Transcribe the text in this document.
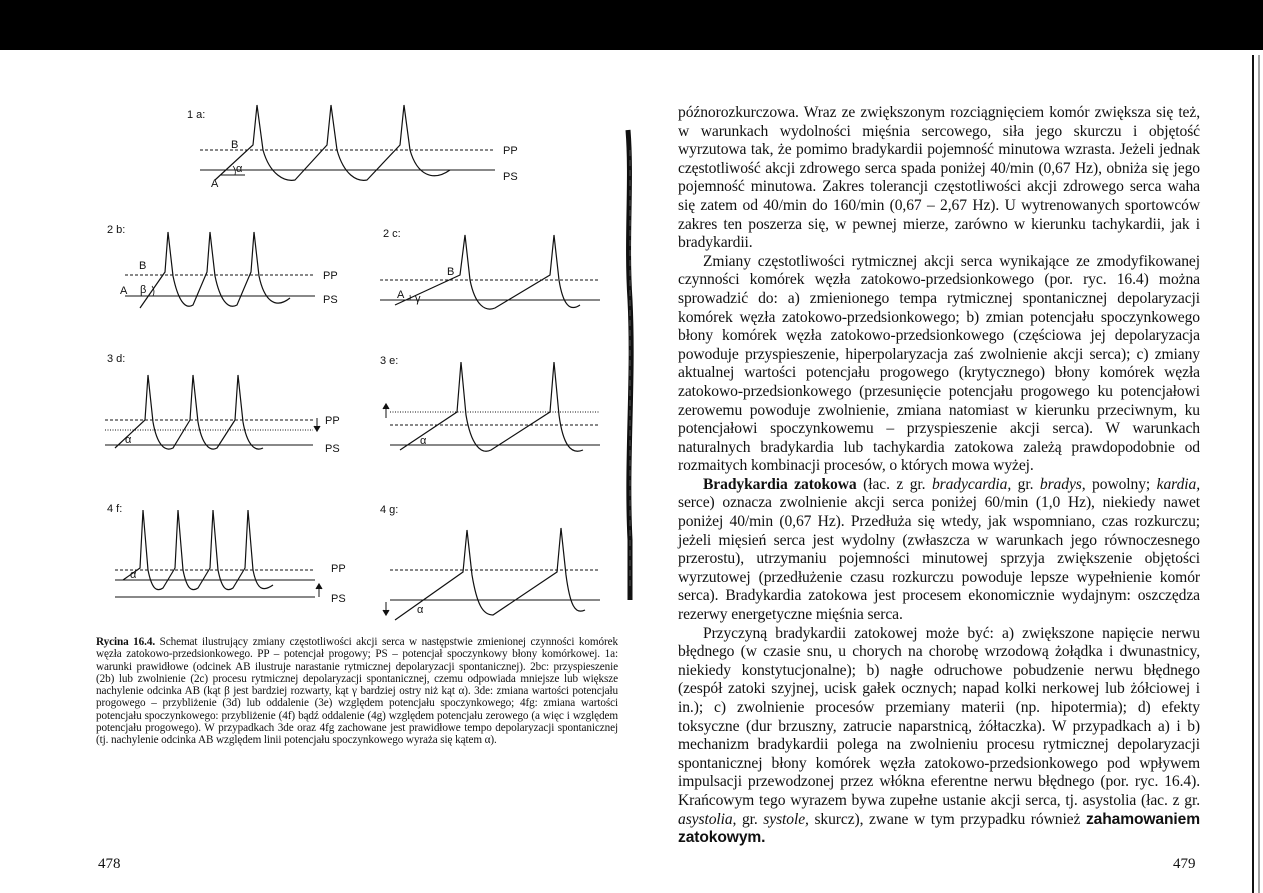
1 a:
2 b:	2 c:
3 d:	3 e:
4 f:	4 g:
PP
PS
PP
PS
PP
PS
PP
PS
A
B
α
A
B
β	A
B
γ
α	α
α
α
Rycina 16.4. Schemat ilustrujący zmiany częstotliwości akcji serca w następstwie zmienionej czynności komórek węzła zatokowo-przedsionkowego. PP – potencjał progowy; PS – potencjał spoczynkowy błony komórkowej. 1a: warunki prawidłowe (odcinek AB ilustruje narastanie rytmicznej depolaryzacji spontanicznej). 2bc: przyspieszenie (2b) lub zwolnienie (2c) procesu rytmicznej depolaryzacji spontanicznej, czemu odpowiada mniejsze lub większe nachylenie odcinka AB (kąt β jest bardziej rozwarty, kąt γ bardziej ostry niż kąt α). 3de: zmiana wartości potencjału progowego – przybliżenie (3d) lub oddalenie (3e) względem potencjału spoczynkowego; 4fg: zmiana wartości potencjału spoczynkowego: przybliżenie (4f) bądź oddalenie (4g) względem potencjału zerowego (a więc i względem potencjału progowego). W przypadkach 3de oraz 4fg zachowane jest prawidłowe tempo depolaryzacji spontanicznej (tj. nachylenie odcinka AB względem linii potencjału spoczynkowego wyraża się kątem α).
478	479

późnorozkurczowa. Wraz ze zwiększonym rozciągnięciem komór zwiększa się też, w warunkach wydolności mięśnia sercowego, siła jego skurczu i objętość wyrzutowa tak, że pomimo bradykardii pojemność minutowa wzrasta. Jeżeli jednak częstotliwość akcji zdrowego serca spada poniżej 40/min (0,67 Hz), obniża się jego pojemność minutowa. Zakres tolerancji częstotliwości akcji zdrowego serca waha się zatem od 40/min do 160/min (0,67 – 2,67 Hz). U wytrenowanych sportowców zakres ten poszerza się, w pewnej mierze, zarówno w kierunku tachykardii, jak i bradykardii.

Zmiany częstotliwości rytmicznej akcji serca wynikające ze zmodyfikowanej czynności komórek węzła zatokowo-przedsionkowego (por. ryc. 16.4) można sprowadzić do: a) zmienionego tempa rytmicznej spontanicznej depolaryzacji komórek węzła zatokowo-przedsionkowego; b) zmian potencjału spoczynkowego błony komórek węzła zatokowo-przedsionkowego (częściowa jej depolaryzacja powoduje przyspieszenie, hiperpolaryzacja zaś zwolnienie akcji serca); c) zmiany aktualnej wartości potencjału progowego (krytycznego) błony komórek węzła zatokowo-przedsionkowego (przesunięcie potencjału progowego ku potencjałowi zerowemu powoduje zwolnienie, zmiana natomiast w kierunku przeciwnym, ku potencjałowi spoczynkowemu – przyspieszenie akcji serca). W warunkach naturalnych bradykardia lub tachykardia zatokowa zależą prawdopodobnie od rozmaitych kombinacji procesów, o których mowa wyżej.

Bradykardia zatokowa (łac. z gr. bradycardia, gr. bradys, powolny; kardia, serce) oznacza zwolnienie akcji serca poniżej 60/min (1,0 Hz), niekiedy nawet poniżej 40/min (0,67 Hz). Przedłuża się wtedy, jak wspomniano, czas rozkurczu; jeżeli mięsień serca jest wydolny (zwłaszcza w warunkach jego równoczesnego przerostu), utrzymaniu pojemności minutowej sprzyja zwiększenie objętości wyrzutowej (przedłużenie czasu rozkurczu powoduje lepsze wypełnienie komór serca). Bradykardia zatokowa jest procesem ekonomicznie wydajnym: oszczędza rezerwy energetyczne mięśnia serca.

Przyczyną bradykardii zatokowej może być: a) zwiększone napięcie nerwu błędnego (w czasie snu, u chorych na chorobę wrzodową żołądka i dwunastnicy, niekiedy konstytucjonalne); b) nagłe odruchowe pobudzenie nerwu błędnego (zespół zatoki szyjnej, ucisk gałek ocznych; napad kolki nerkowej lub żółciowej i in.); c) zwolnienie procesów przemiany materii (np. hipotermia); d) efekty toksyczne (dur brzuszny, zatrucie naparstnicą, żółtaczka). W przypadkach a) i b) mechanizm bradykardii polega na zwolnieniu procesu rytmicznej depolaryzacji spontanicznej błony komórek węzła zatokowo-przedsionkowego pod wpływem impulsacji przewodzonej przez włókna eferentne nerwu błędnego (por. ryc. 16.4). Krańcowym tego wyrazem bywa zupełne ustanie akcji serca, tj. asystolia (łac. z gr. asystolia, gr. systole, skurcz), zwane w tym przypadku również zahamowaniem zatokowym.
